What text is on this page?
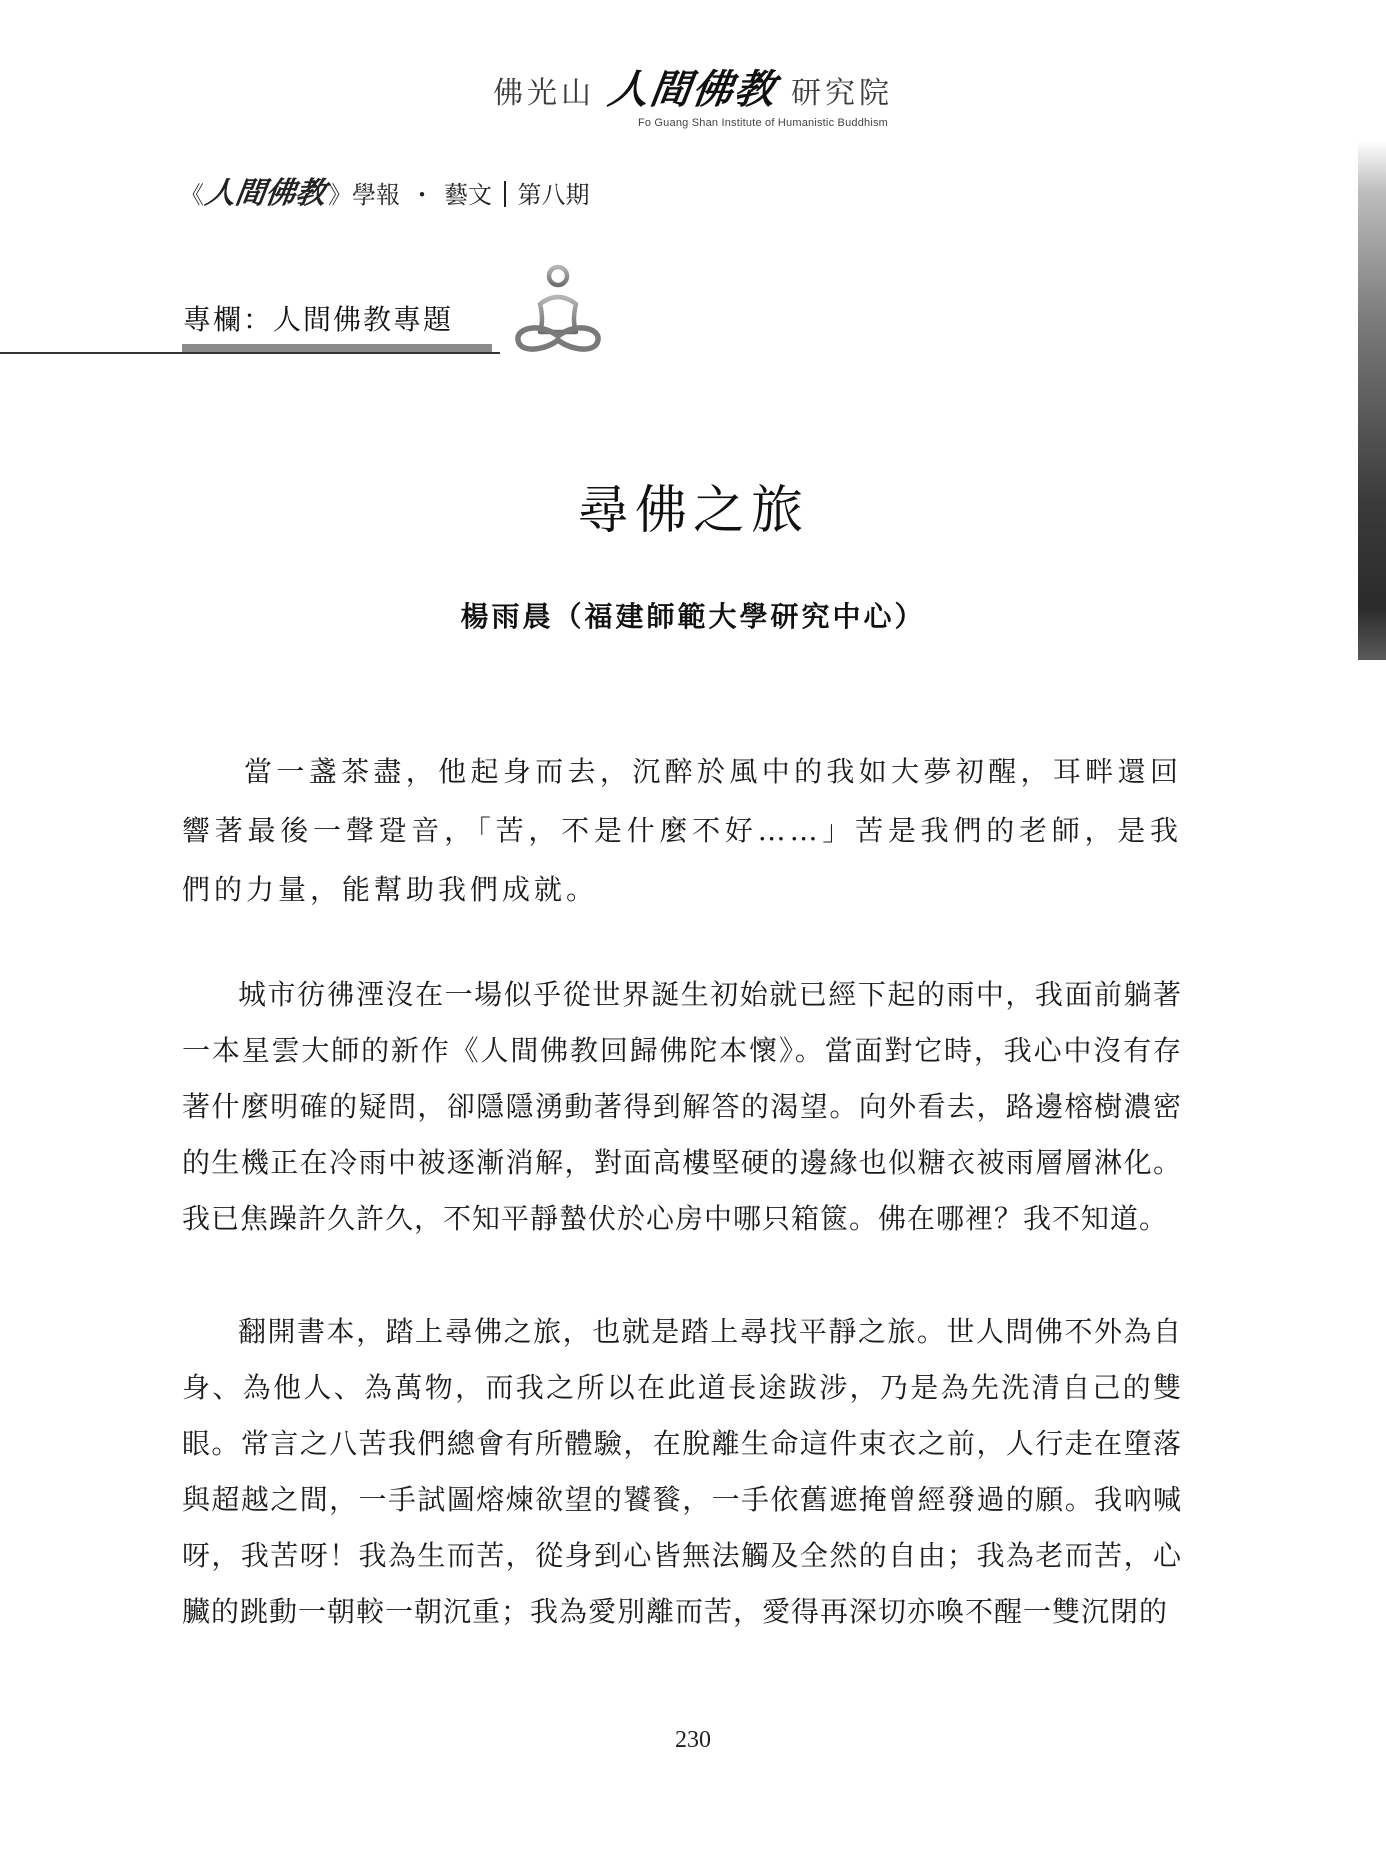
佛光山 人間佛教 研究院
Fo Guang Shan Institute of Humanistic Buddhism
《 人間佛教 》學報 ・ 藝文 第八期
專欄：人間佛教專題
尋佛之旅
楊雨晨（福建師範大學研究中心）

當一盞茶盡，他起身而去，沉醉於風中的我如大夢初醒，耳畔還回響著最後一聲跫音，「苦，不是什麼不好……」苦是我們的老師，是我們的力量，能幫助我們成就。

城市彷彿湮沒在一場似乎從世界誕生初始就已經下起的雨中，我面前躺著一本星雲大師的新作《人間佛教回歸佛陀本懷》。當面對它時，我心中沒有存著什麼明確的疑問，卻隱隱湧動著得到解答的渴望。向外看去，路邊榕樹濃密的生機正在冷雨中被逐漸消解，對面高樓堅硬的邊緣也似糖衣被雨層層淋化。我已焦躁許久許久，不知平靜蟄伏於心房中哪只箱篋。佛在哪裡？我不知道。

翻開書本，踏上尋佛之旅，也就是踏上尋找平靜之旅。世人問佛不外為自身、為他人、為萬物，而我之所以在此道長途跋涉，乃是為先洗清自己的雙眼。常言之八苦我們總會有所體驗，在脫離生命這件束衣之前，人行走在墮落與超越之間，一手試圖熔煉欲望的饕餮，一手依舊遮掩曾經發過的願。我吶喊呀，我苦呀！我為生而苦，從身到心皆無法觸及全然的自由；我為老而苦，心臟的跳動一朝較一朝沉重；我為愛別離而苦，愛得再深切亦喚不醒一雙沉閉的

230
